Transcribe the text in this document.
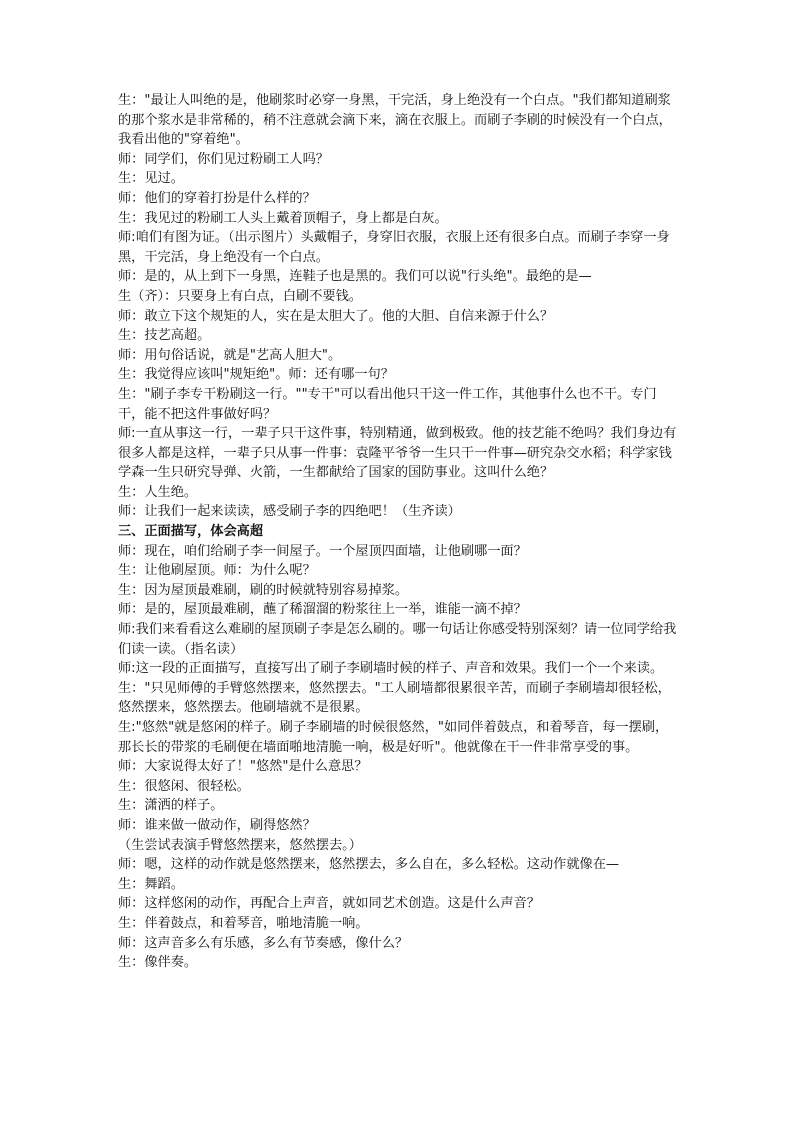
生："最让人叫绝的是，他刷浆时必穿一身黑，干完活，身上绝没有一个白点。"我们都知道刷浆的那个浆水是非常稀的，稍不注意就会滴下来，滴在衣服上。而刷子李刷的时候没有一个白点，我看出他的"穿着绝"。

师：同学们，你们见过粉刷工人吗？

生：见过。

师：他们的穿着打扮是什么样的？

生：我见过的粉刷工人头上戴着顶帽子，身上都是白灰。

师:咱们有图为证。（出示图片）头戴帽子，身穿旧衣服，衣服上还有很多白点。而刷子李穿一身黑，干完活，身上绝没有一个白点。

师：是的，从上到下一身黑，连鞋子也是黑的。我们可以说"行头绝"。最绝的是—

生（齐）：只要身上有白点，白刷不要钱。

师：敢立下这个规矩的人，实在是太胆大了。他的大胆、自信来源于什么？

生：技艺高超。

师：用句俗话说，就是"艺高人胆大"。

生：我觉得应该叫"规矩绝"。师：还有哪一句？

生："刷子李专干粉刷这一行。""专干"可以看出他只干这一件工作，其他事什么也不干。专门干，能不把这件事做好吗？

师:一直从事这一行，一辈子只干这件事，特别精通，做到极致。他的技艺能不绝吗？我们身边有很多人都是这样，一辈子只从事一件事：袁隆平爷爷一生只干一件事—研究杂交水稻；科学家钱学森一生只研究导弹、火箭，一生都献给了国家的国防事业。这叫什么绝？

生：人生绝。

师：让我们一起来读读，感受刷子李的四绝吧！（生齐读）

三、正面描写，体会高超

师：现在，咱们给刷子李一间屋子。一个屋顶四面墙，让他刷哪一面？

生：让他刷屋顶。师：为什么呢？

生：因为屋顶最难刷，刷的时候就特别容易掉浆。

师：是的，屋顶最难刷，蘸了稀溜溜的粉浆往上一举，谁能一滴不掉？

师:我们来看看这么难刷的屋顶刷子李是怎么刷的。哪一句话让你感受特别深刻？请一位同学给我们读一读。（指名读）

师:这一段的正面描写，直接写出了刷子李刷墙时候的样子、声音和效果。我们一个一个来读。

生："只见师傅的手臂悠然摆来，悠然摆去。"工人刷墙都很累很辛苦，而刷子李刷墙却很轻松，悠然摆来，悠然摆去。他刷墙就不是很累。

生:"悠然"就是悠闲的样子。刷子李刷墙的时候很悠然，"如同伴着鼓点，和着琴音，每一摆刷，那长长的带浆的毛刷便在墙面啪地清脆一响，极是好听"。他就像在干一件非常享受的事。

师：大家说得太好了！"悠然"是什么意思？

生：很悠闲、很轻松。

生：潇洒的样子。

师：谁来做一做动作，刷得悠然？

（生尝试表演手臂悠然摆来，悠然摆去。）

师：嗯，这样的动作就是悠然摆来，悠然摆去，多么自在，多么轻松。这动作就像在—

生：舞蹈。

师：这样悠闲的动作，再配合上声音，就如同艺术创造。这是什么声音？

生：伴着鼓点，和着琴音，啪地清脆一响。

师：这声音多么有乐感，多么有节奏感，像什么？

生：像伴奏。
